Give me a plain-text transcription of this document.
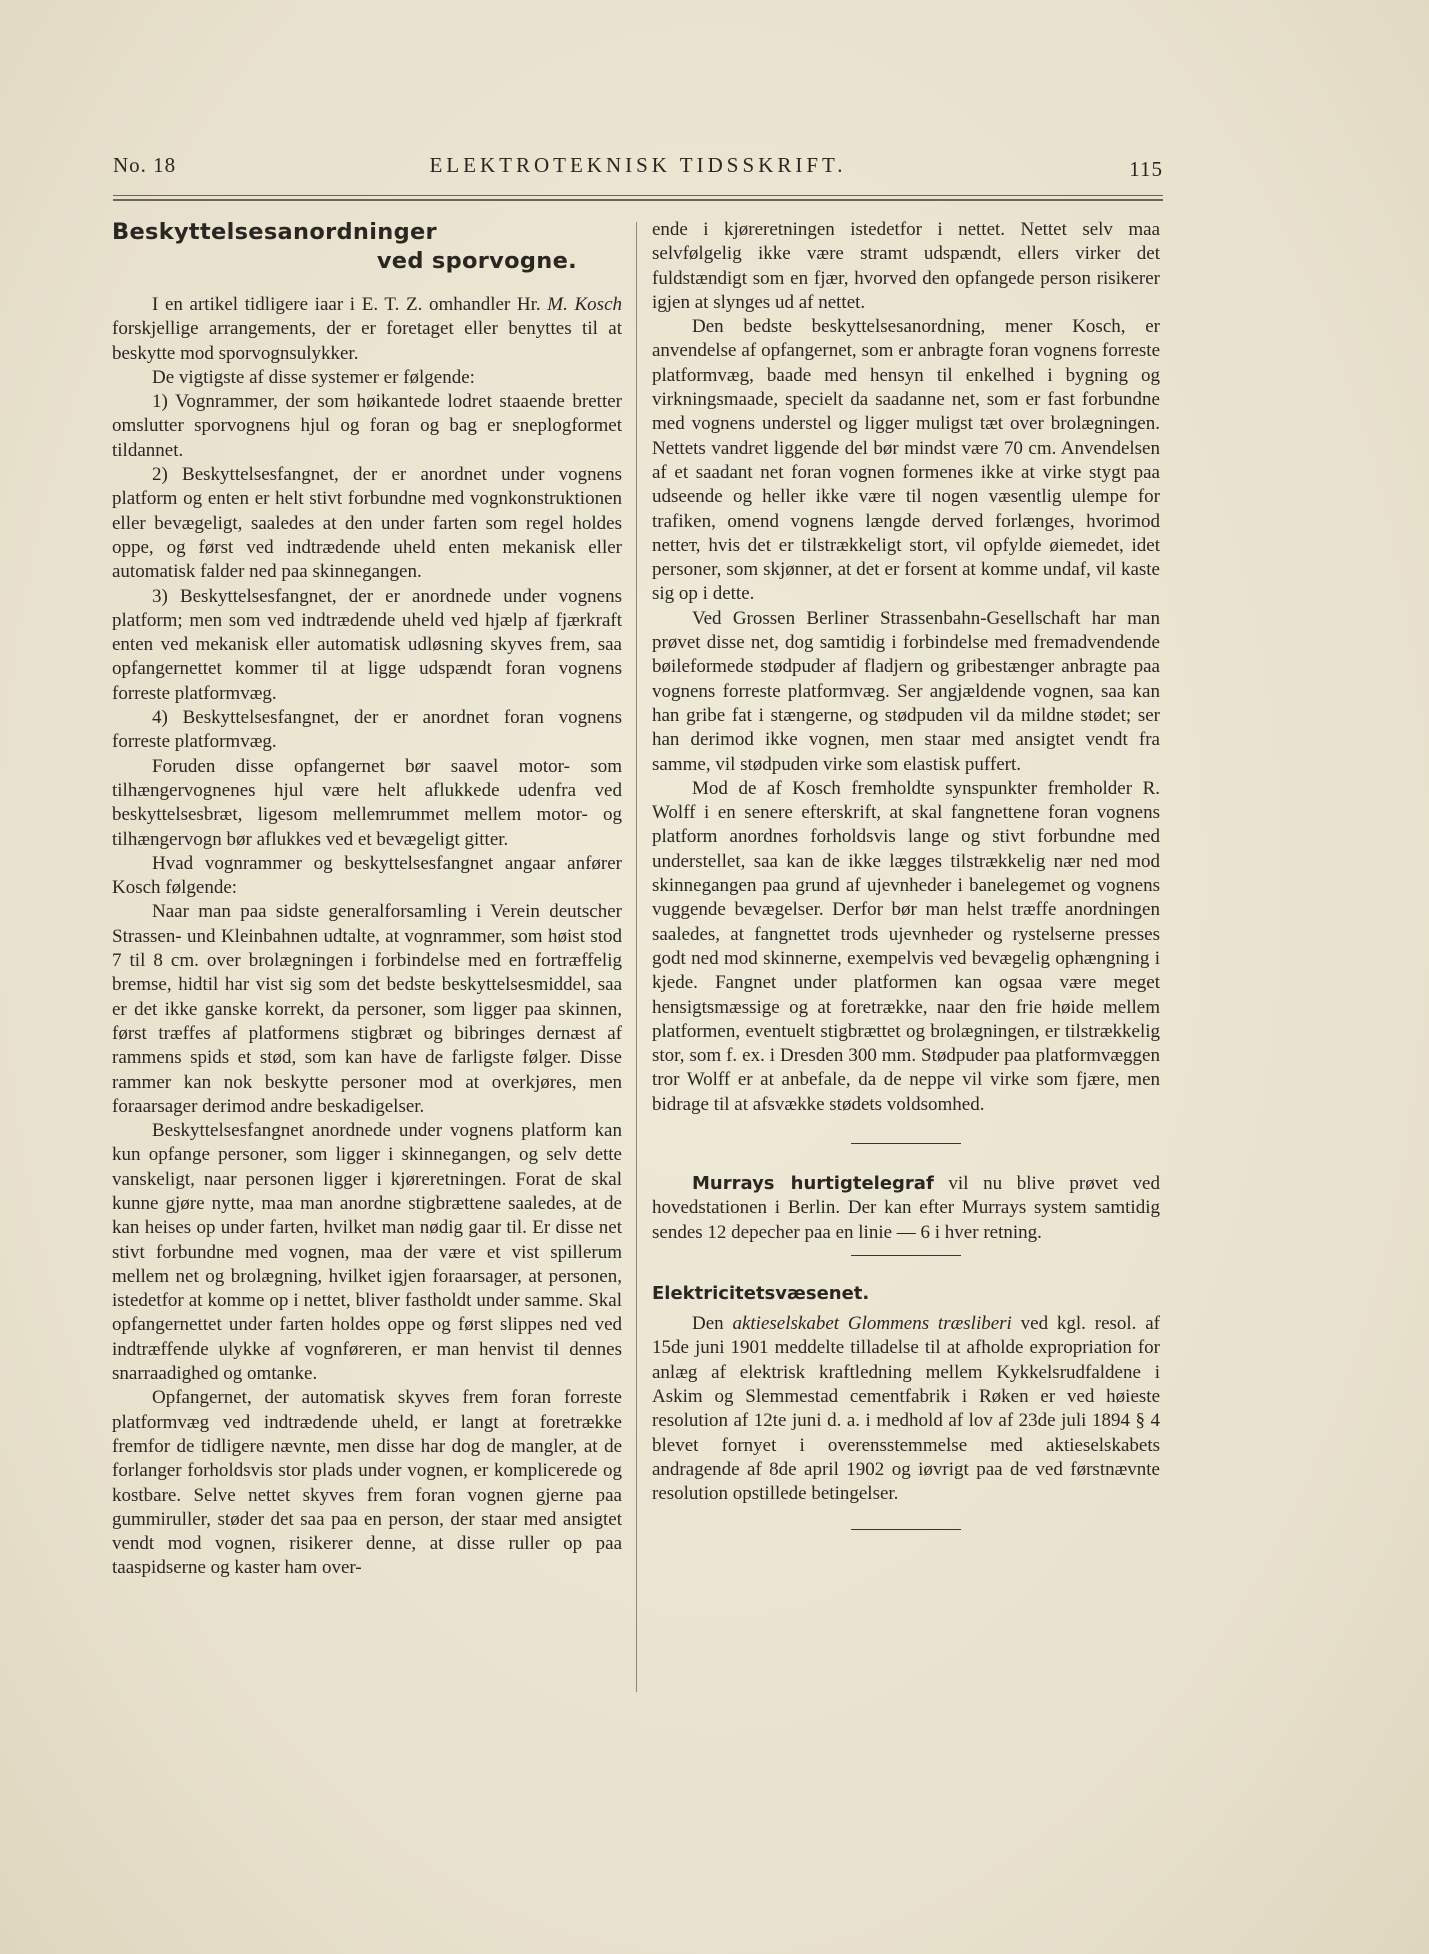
No. 18	ELEKTROTEKNISK TIDSSKRIFT.	115
Beskyttelsesanordninger
ved sporvogne.

I en artikel tidligere iaar i E. T. Z. omhandler Hr. M. Kosch forskjellige arrangements, der er foretaget eller benyttes til at beskytte mod sporvognsulykker.

De vigtigste af disse systemer er følgende:

1) Vognrammer, der som høikantede lodret staaende bretter omslutter sporvognens hjul og foran og bag er sneplogformet tildannet.

2) Beskyttelsesfangnet, der er anordnet under vognens platform og enten er helt stivt forbundne med vognkonstruktionen eller bevægeligt, saaledes at den under farten som regel holdes oppe, og først ved indtrædende uheld enten mekanisk eller automatisk falder ned paa skinnegangen.

3) Beskyttelsesfangnet, der er anordnede under vognens platform; men som ved indtrædende uheld ved hjælp af fjærkraft enten ved mekanisk eller automatisk udløsning skyves frem, saa opfangernettet kommer til at ligge udspændt foran vognens forreste platformvæg.

4) Beskyttelsesfangnet, der er anordnet foran vognens forreste platformvæg.

Foruden disse opfangernet bør saavel motor- som tilhængervognenes hjul være helt aflukkede udenfra ved beskyttelsesbræt, ligesom mellemrummet mellem motor- og tilhængervogn bør aflukkes ved et bevægeligt gitter.

Hvad vognrammer og beskyttelsesfangnet angaar anfører Kosch følgende:

Naar man paa sidste generalforsamling i Verein deutscher Strassen- und Kleinbahnen udtalte, at vognrammer, som høist stod 7 til 8 cm. over brolægningen i forbindelse med en fortræffelig bremse, hidtil har vist sig som det bedste beskyttelsesmiddel, saa er det ikke ganske korrekt, da personer, som ligger paa skinnen, først træffes af platformens stigbræt og bibringes dernæst af rammens spids et stød, som kan have de farligste følger. Disse rammer kan nok beskytte personer mod at overkjøres, men foraarsager derimod andre beskadigelser.

Beskyttelsesfangnet anordnede under vognens platform kan kun opfange personer, som ligger i skinnegangen, og selv dette vanskeligt, naar personen ligger i kjøreretningen. Forat de skal kunne gjøre nytte, maa man anordne stigbrættene saaledes, at de kan heises op under farten, hvilket man nødig gaar til. Er disse net stivt forbundne med vognen, maa der være et vist spillerum mellem net og brolægning, hvilket igjen foraarsager, at personen, istedetfor at komme op i nettet, bliver fastholdt under samme. Skal opfangernettet under farten holdes oppe og først slippes ned ved indtræffende ulykke af vognføreren, er man henvist til dennes snarraadighed og omtanke.

Opfangernet, der automatisk skyves frem foran forreste platformvæg ved indtrædende uheld, er langt at foretrække fremfor de tidligere nævnte, men disse har dog de mangler, at de forlanger forholdsvis stor plads under vognen, er komplicerede og kostbare. Selve nettet skyves frem foran vognen gjerne paa gummiruller, støder det saa paa en person, der staar med ansigtet vendt mod vognen, risikerer denne, at disse ruller op paa taaspidserne og kaster ham over-

ende i kjøreretningen istedetfor i nettet. Nettet selv maa selvfølgelig ikke være stramt udspændt, ellers virker det fuldstændigt som en fjær, hvorved den opfangede person risikerer igjen at slynges ud af nettet.

Den bedste beskyttelsesanordning, mener Kosch, er anvendelse af opfangernet, som er anbragte foran vognens forreste platformvæg, baade med hensyn til enkelhed i bygning og virkningsmaade, specielt da saadanne net, som er fast forbundne med vognens understel og ligger muligst tæt over brolægningen. Nettets vandret liggende del bør mindst være 70 cm. Anvendelsen af et saadant net foran vognen formenes ikke at virke stygt paa udseende og heller ikke være til nogen væsentlig ulempe for trafiken, omend vognens længde derved forlænges, hvorimod netteт, hvis det er tilstrækkeligt stort, vil opfylde øiemedet, idet personer, som skjønner, at det er forsent at komme undaf, vil kaste sig op i dette.

Ved Grossen Berliner Strassenbahn-Gesellschaft har man prøvet disse net, dog samtidig i forbindelse med fremadvendende bøileformede stødpuder af fladjern og gribestænger anbragte paa vognens forreste platformvæg. Ser angjældende vognen, saa kan han gribe fat i stængerne, og stødpuden vil da mildne stødet; ser han derimod ikke vognen, men staar med ansigtet vendt fra samme, vil stødpuden virke som elastisk puffert.

Mod de af Kosch fremholdte synspunkter fremholder R. Wolff i en senere efterskrift, at skal fangnettene foran vognens platform anordnes forholdsvis lange og stivt forbundne med understellet, saa kan de ikke lægges tilstrækkelig nær ned mod skinnegangen paa grund af ujevnheder i banelegemet og vognens vuggende bevægelser. Derfor bør man helst træffe anordningen saaledes, at fangnettet trods ujevnheder og rystelserne presses godt ned mod skinnerne, exempelvis ved bevægelig ophængning i kjede. Fangnet under platformen kan ogsaa være meget hensigtsmæssige og at foretrække, naar den frie høide mellem platformen, eventuelt stigbrættet og brolægningen, er tilstrækkelig stor, som f. ex. i Dresden 300 mm. Stødpuder paa platformvæggen tror Wolff er at anbefale, da de neppe vil virke som fjære, men bidrage til at afsvække stødets voldsomhed.

Murrays hurtigtelegraf vil nu blive prøvet ved hovedstationen i Berlin. Der kan efter Murrays system samtidig sendes 12 depecher paa en linie — 6 i hver retning.

Elektricitetsvæsenet.

Den aktieselskabet Glommens træsliberi ved kgl. resol. af 15de juni 1901 meddelte tilladelse til at afholde expropriation for anlæg af elektrisk kraftledning mellem Kykkelsrudfaldene i Askim og Slemmestad cementfabrik i Røken er ved høieste resolution af 12te juni d. a. i medhold af lov af 23de juli 1894 § 4 blevet fornyet i overensstemmelse med aktieselskabets andragende af 8de april 1902 og iøvrigt paa de ved førstnævnte resolution opstillede betingelser.
